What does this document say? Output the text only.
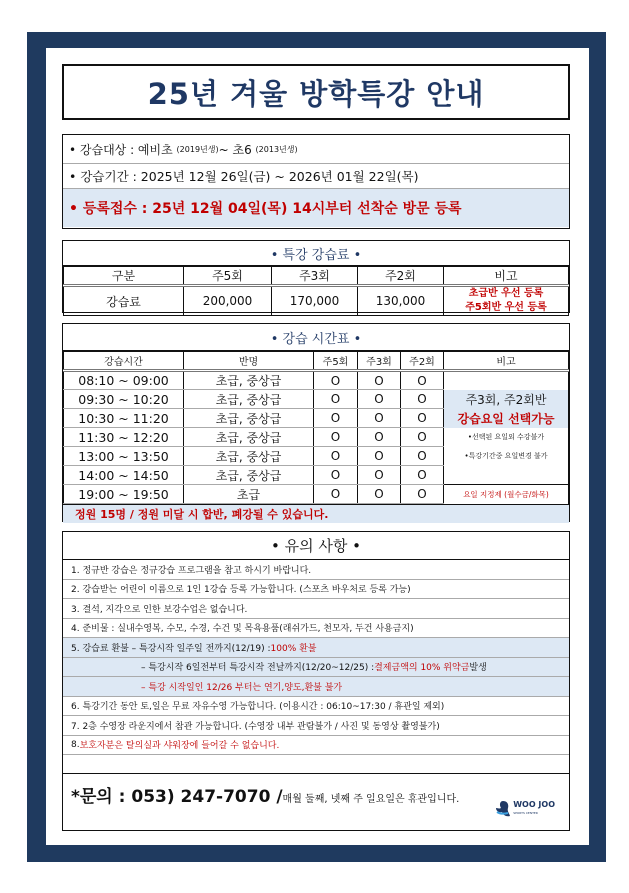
25년 겨울 방학특강 안내
• 강습대상 : 예비초
(2019년생) ~ 초6
(2013년생)
• 강습기간 : 2025년 12월 26일(금) ~ 2026년 01월 22일(목)
• 등록접수 : 25년 12월 04일(목) 14시부터 선착순 방문 등록
• 특강 강습료 •
구분	주5회	주3회	주2회	비고
강습료	200,000	170,000	130,000	초급반 우선 등록
주5회반 우선 등록
• 강습 시간표 •
강습시간	반명	주5회	주3회	주2회	비고
08:10 ~ 09:00	초급, 중상급	O	O	O	
09:30 ~ 10:20	초급, 중상급	O	O	O	주3회, 주2회반
10:30 ~ 11:20	초급, 중상급	O	O	O	강습요일 선택가능
11:30 ~ 12:20	초급, 중상급	O	O	O	•선택된 요일외 수강불가
13:00 ~ 13:50	초급, 중상급	O	O	O	•특강기간중 요일변경 불가
14:00 ~ 14:50	초급, 중상급	O	O	O	
19:00 ~ 19:50	초급	O	O	O	요일 지정제 (월수금/화목)
정원 15명 / 정원 미달 시 합반, 폐강될 수 있습니다.
• 유의 사항 •
1. 정규반 강습은 정규강습 프로그램을 참고 하시기 바랍니다.
2. 강습받는 어린이 이름으로 1인 1강습 등록 가능합니다. (스포츠 바우처로 등록 가능)
3. 결석, 지각으로 인한 보강수업은 없습니다.
4. 준비물 : 실내수영복, 수모, 수경, 수건 및 목욕용품(래쉬가드, 천모자, 두건 사용금지)
5. 강습료 환불 – 특강시작 일주일 전까지(12/19) : 100% 환불
– 특강시작 6일전부터 특강시작 전날까지(12/20~12/25) : 결제금액의 10% 위약금 발생
– 특강 시작일인 12/26 부터는 연기,양도,환불 불가
6. 특강기간 동안 토,일은 무료 자유수영 가능합니다. (이용시간 : 06:10~17:30 / 휴관일 제외)
7. 2층 수영장 라운지에서 참관 가능합니다. (수영장 내부 관람불가 / 사진 및 동영상 촬영불가)
8. 보호자분은 탈의실과 샤워장에 들어갈 수 없습니다.
*문의 : 053) 247-7070 / 매월 둘째, 넷째 주 일요일은 휴관입니다.	WOO JOO
SPORTS CENTER
